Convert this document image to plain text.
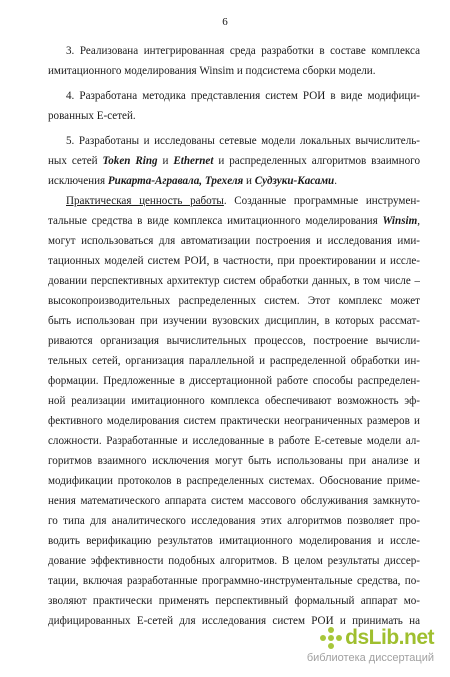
6
3. Реализована интегрированная среда разработки в составе комплекса
имитационного моделирования Winsim и подсистема сборки модели.
4. Разработана методика представления систем РОИ в виде модифици-
рованных Е-сетей.
5. Разработаны и исследованы сетевые модели локальных вычислитель-
ных сетей Token Ring и Ethernet и распределенных алгоритмов взаимного
исключения Рикарта-Агравала, Трехеля и Судзуки-Касами.
Практическая ценность работы. Созданные программные инструмен-
тальные средства в виде комплекса имитационного моделирования Winsim,
могут использоваться для автоматизации построения и исследования ими-
тационных моделей систем РОИ, в частности, при проектировании и иссле-
довании перспективных архитектур систем обработки данных, в том числе –
высокопроизводительных распределенных систем. Этот комплекс может
быть использован при изучении вузовских дисциплин, в которых рассмат-
риваются организация вычислительных процессов, построение вычисли-
тельных сетей, организация параллельной и распределенной обработки ин-
формации. Предложенные в диссертационной работе способы распределен-
ной реализации имитационного комплекса обеспечивают возможность эф-
фективного моделирования систем практически неограниченных размеров и
сложности. Разработанные и исследованные в работе Е-сетевые модели ал-
горитмов взаимного исключения могут быть использованы при анализе и
модификации протоколов в распределенных системах. Обоснование приме-
нения математического аппарата систем массового обслуживания замкнуто-
го типа для аналитического исследования этих алгоритмов позволяет про-
водить верификацию результатов имитационного моделирования и иссле-
дование эффективности подобных алгоритмов. В целом результаты диссер-
тации, включая разработанные программно-инструментальные средства, по-
зволяют практически применять перспективный формальный аппарат мо-
дифицированных Е-сетей для исследования систем РОИ и принимать на
dsLib.net
библиотека диссертаций
